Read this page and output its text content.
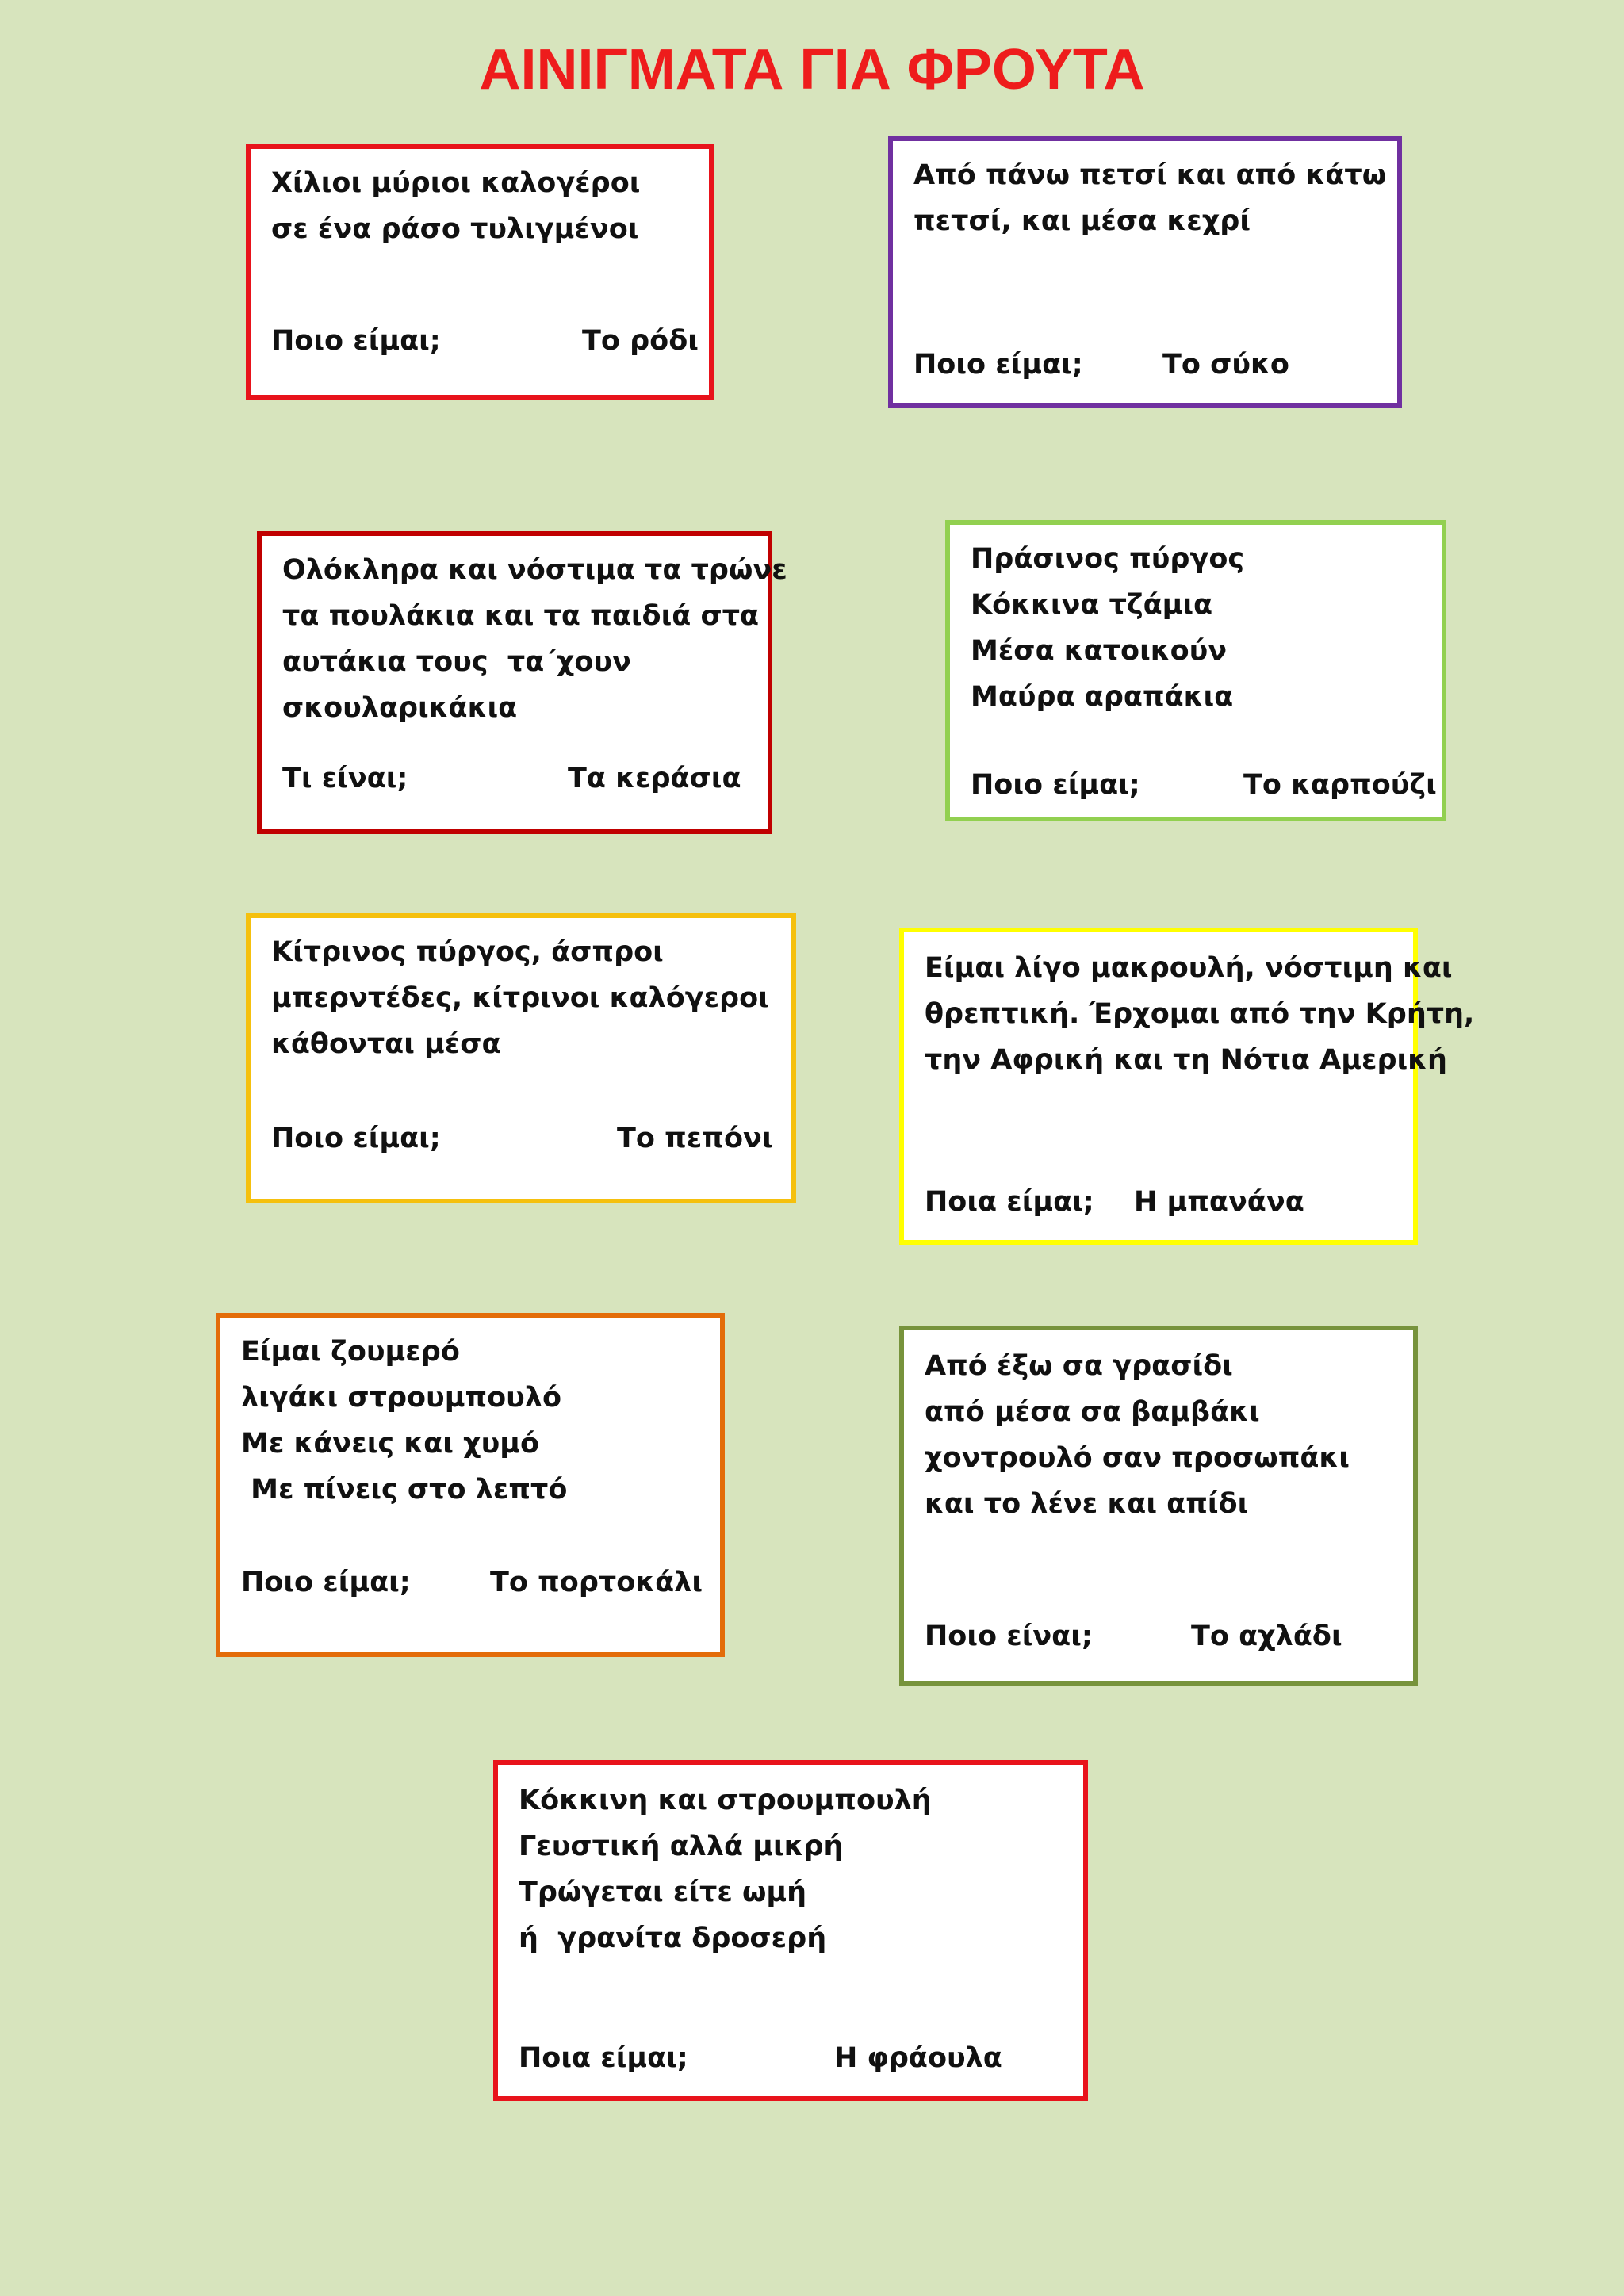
ΑΙΝΙΓΜΑΤΑ ΓΙΑ ΦΡΟΥΤΑ
Χίλιοι μύριοι καλογέροι
σε ένα ράσο τυλιγμένοι
Ποιο είμαι;	Το ρόδι
Από πάνω πετσί και από κάτω
πετσί, και μέσα κεχρί
Ποιο είμαι;	Το σύκο
Ολόκληρα και νόστιμα τα τρώνε
τα πουλάκια και τα παιδιά στα
αυτάκια τους  τα΄χουν
σκουλαρικάκια
Τι είναι;	Τα κεράσια
Πράσινος πύργος
Κόκκινα τζάμια
Μέσα κατοικούν
Μαύρα αραπάκια
Ποιο είμαι;	Το καρπούζι
Κίτρινος πύργος, άσπροι
μπερντέδες, κίτρινοι καλόγεροι
κάθονται μέσα
Ποιο είμαι;	Το πεπόνι
Είμαι λίγο μακρουλή, νόστιμη και
θρεπτική. Έρχομαι από την Κρήτη,
την Αφρική και τη Νότια Αμερική
Ποια είμαι; Η μπανάνα
Είμαι ζουμερό
λιγάκι στρουμπουλό
Με κάνεις και χυμό
Με πίνεις στο λεπτό
Ποιο είμαι;	Το πορτοκάλι
Από έξω σα γρασίδι
από μέσα σα βαμβάκι
χοντρουλό σαν προσωπάκι
και το λένε και απίδι
Ποιο είναι;	Το αχλάδι
Κόκκινη και στρουμπουλή
Γευστική αλλά μικρή
Τρώγεται είτε ωμή
ή  γρανίτα δροσερή
Ποια είμαι;	Η φράουλα
